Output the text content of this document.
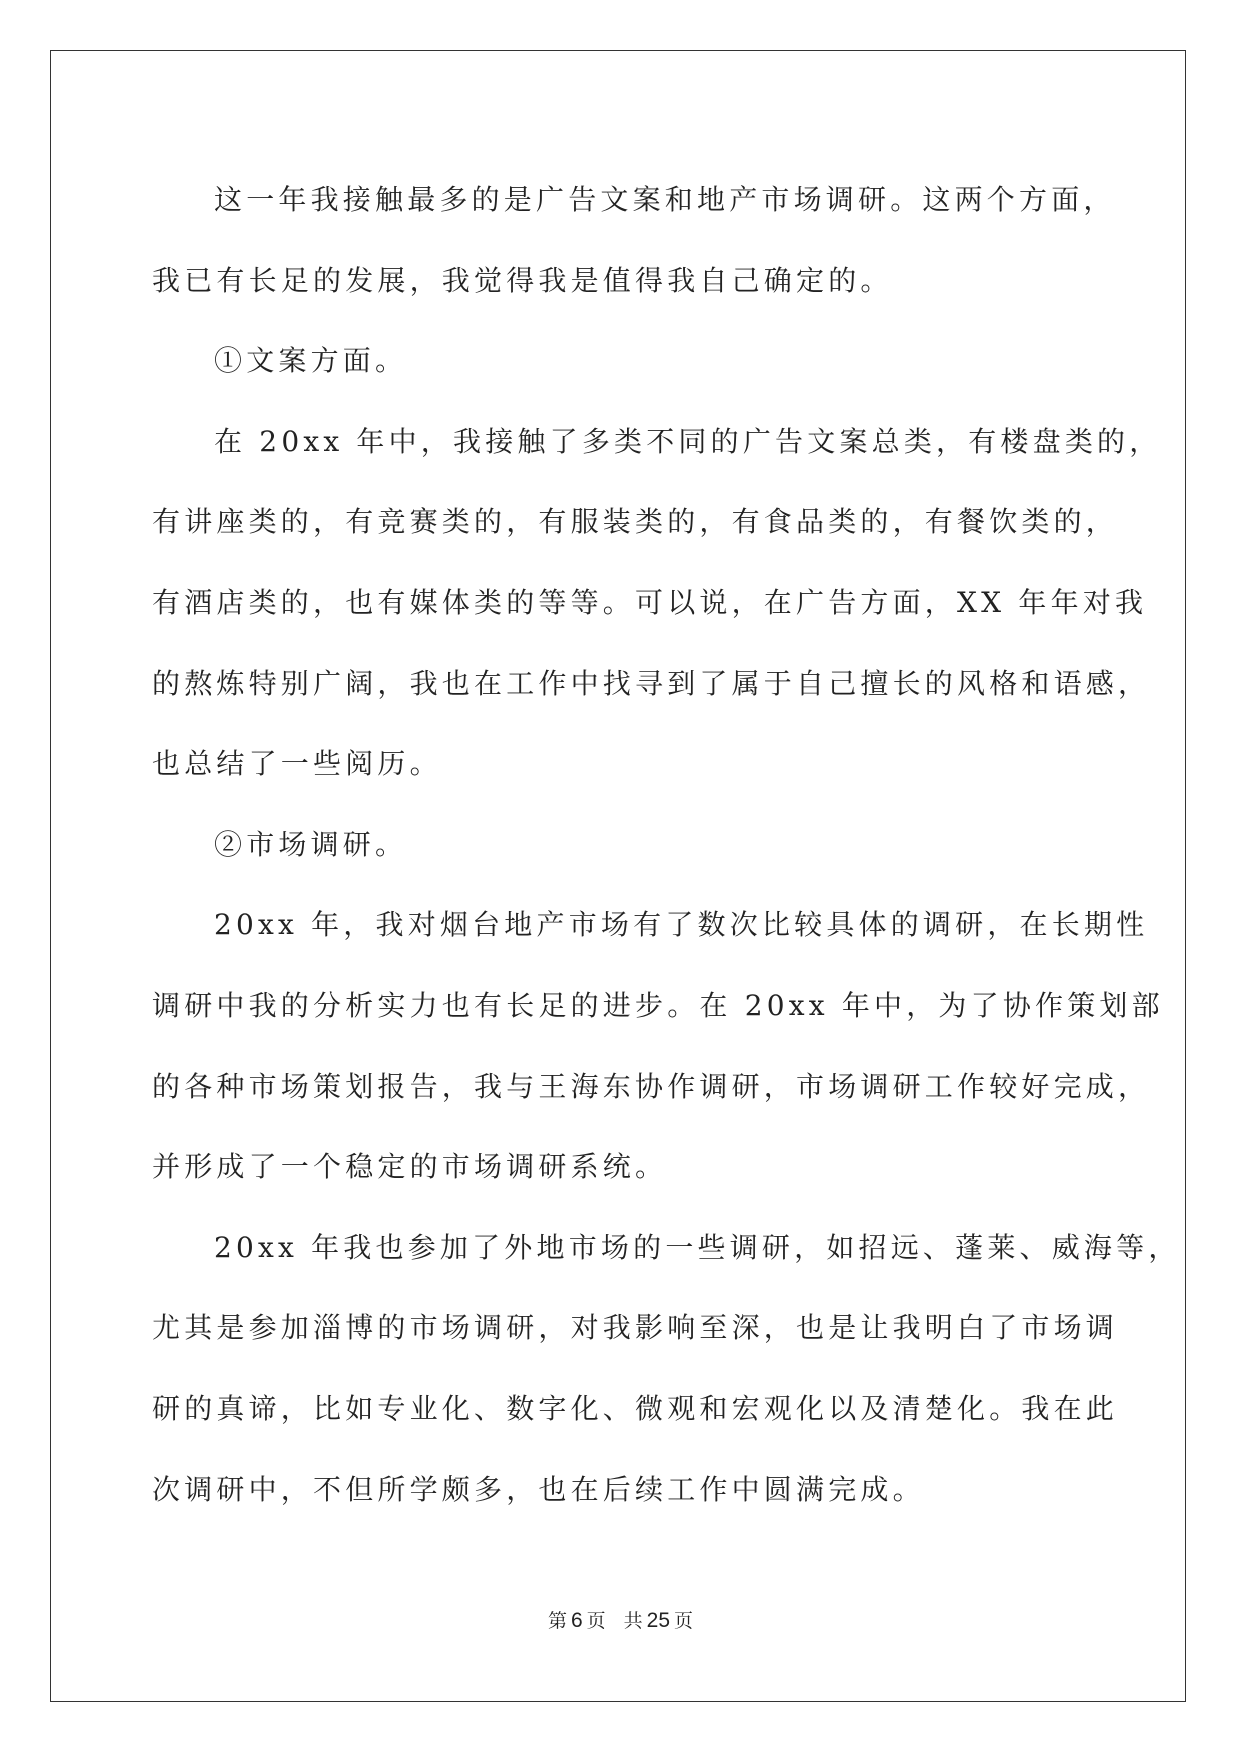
这一年我接触最多的是广告文案和地产市场调研。这两个方面，
我已有长足的发展，我觉得我是值得我自己确定的。
①文案方面。
在 20xx 年中，我接触了多类不同的广告文案总类，有楼盘类的，
有讲座类的，有竞赛类的，有服装类的，有食品类的，有餐饮类的，
有酒店类的，也有媒体类的等等。可以说，在广告方面，XX 年年对我
的熬炼特别广阔，我也在工作中找寻到了属于自己擅长的风格和语感，
也总结了一些阅历。
②市场调研。
20xx 年，我对烟台地产市场有了数次比较具体的调研，在长期性
调研中我的分析实力也有长足的进步。在 20xx 年中，为了协作策划部
的各种市场策划报告，我与王海东协作调研，市场调研工作较好完成，
并形成了一个稳定的市场调研系统。
20xx 年我也参加了外地市场的一些调研，如招远、蓬莱、威海等，
尤其是参加淄博的市场调研，对我影响至深，也是让我明白了市场调
研的真谛，比如专业化、数字化、微观和宏观化以及清楚化。我在此
次调研中，不但所学颇多，也在后续工作中圆满完成。
第 6 页 共 25 页
